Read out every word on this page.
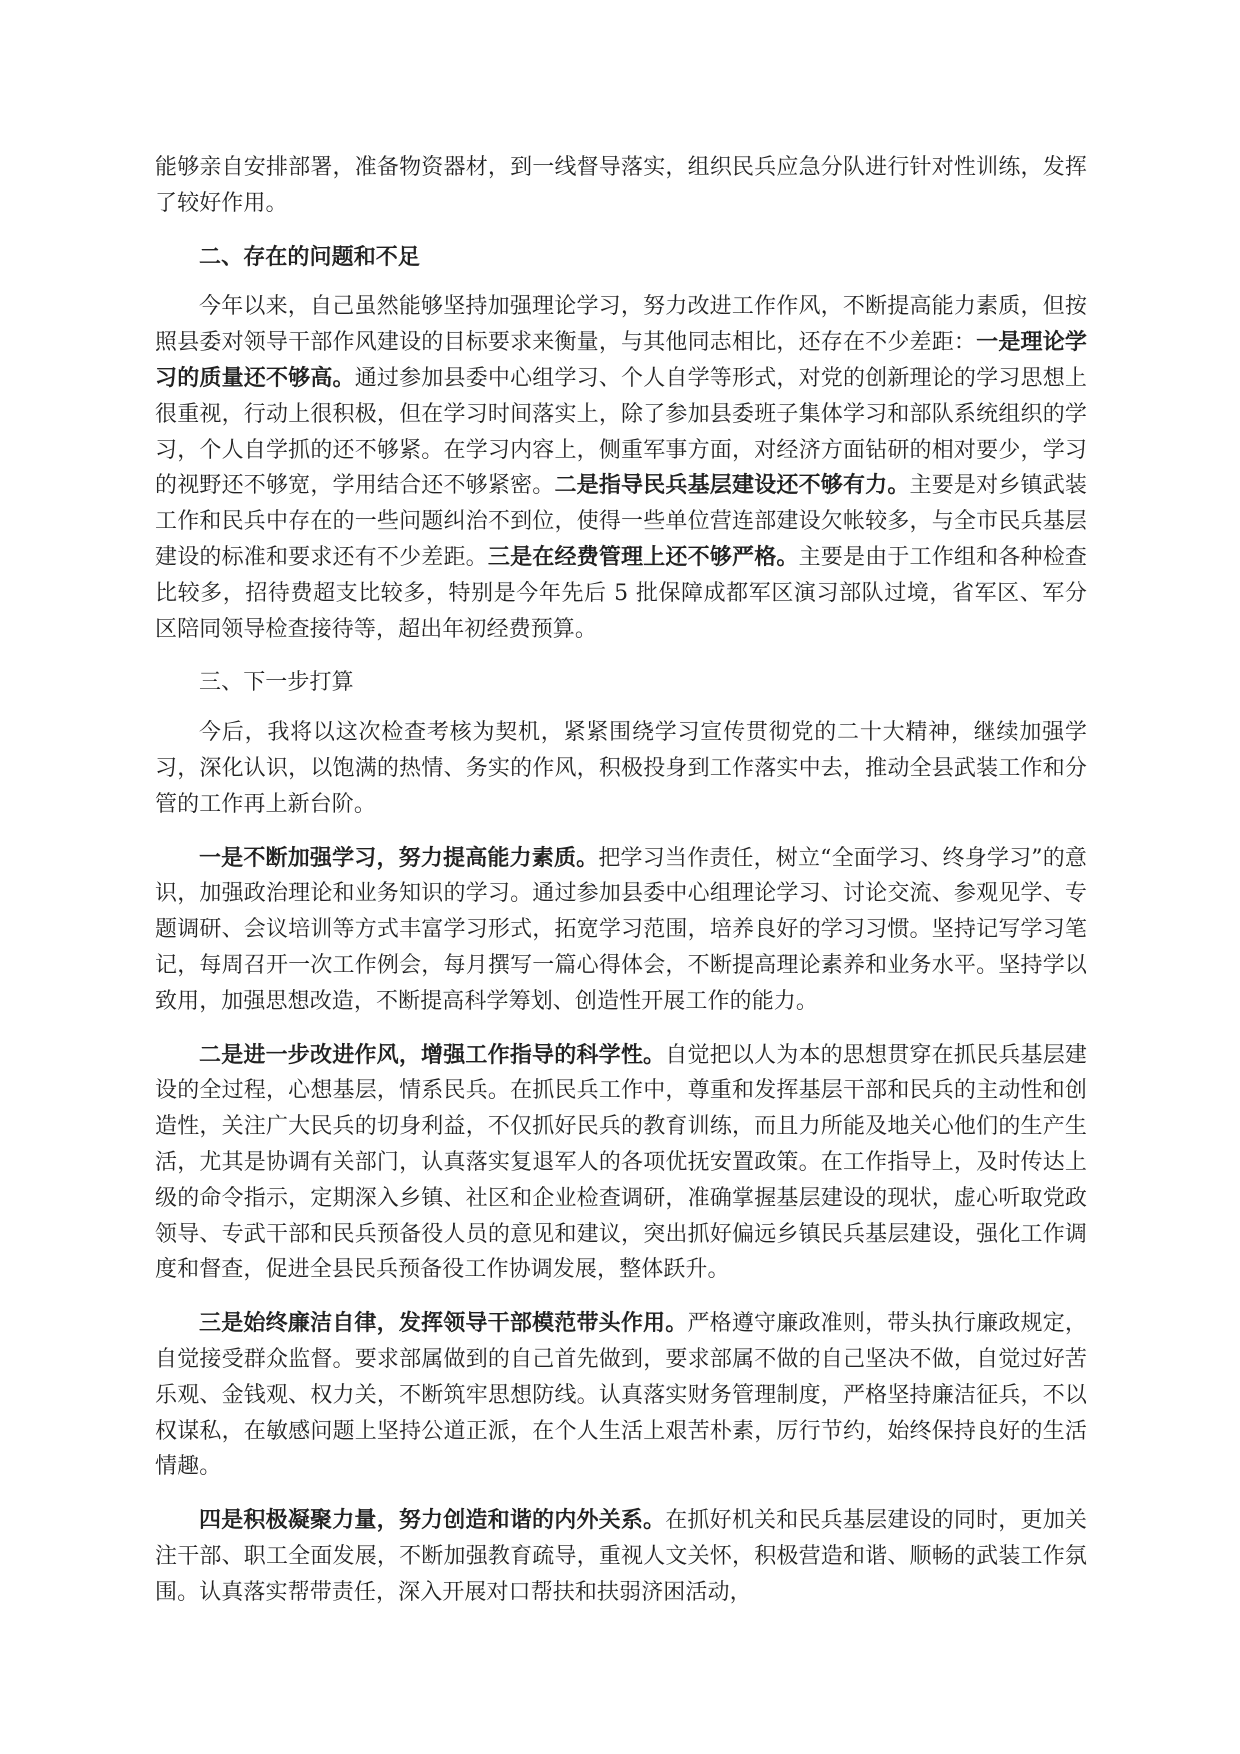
能够亲自安排部署，准备物资器材，到一线督导落实，组织民兵应急分队进行针对性训练，发挥了较好作用。

二、存在的问题和不足

今年以来，自己虽然能够坚持加强理论学习，努力改进工作作风，不断提高能力素质，但按照县委对领导干部作风建设的目标要求来衡量，与其他同志相比，还存在不少差距：一是理论学习的质量还不够高。通过参加县委中心组学习、个人自学等形式，对党的创新理论的学习思想上很重视，行动上很积极，但在学习时间落实上，除了参加县委班子集体学习和部队系统组织的学习，个人自学抓的还不够紧。在学习内容上，侧重军事方面，对经济方面钻研的相对要少，学习的视野还不够宽，学用结合还不够紧密。二是指导民兵基层建设还不够有力。主要是对乡镇武装工作和民兵中存在的一些问题纠治不到位，使得一些单位营连部建设欠帐较多，与全市民兵基层建设的标准和要求还有不少差距。三是在经费管理上还不够严格。主要是由于工作组和各种检查比较多，招待费超支比较多，特别是今年先后 5 批保障成都军区演习部队过境，省军区、军分区陪同领导检查接待等，超出年初经费预算。

三、下一步打算

今后，我将以这次检查考核为契机，紧紧围绕学习宣传贯彻党的二十大精神，继续加强学习，深化认识，以饱满的热情、务实的作风，积极投身到工作落实中去，推动全县武装工作和分管的工作再上新台阶。

一是不断加强学习，努力提高能力素质。把学习当作责任，树立“全面学习、终身学习”的意识，加强政治理论和业务知识的学习。通过参加县委中心组理论学习、讨论交流、参观见学、专题调研、会议培训等方式丰富学习形式，拓宽学习范围，培养良好的学习习惯。坚持记写学习笔记，每周召开一次工作例会，每月撰写一篇心得体会，不断提高理论素养和业务水平。坚持学以致用，加强思想改造，不断提高科学筹划、创造性开展工作的能力。

二是进一步改进作风，增强工作指导的科学性。自觉把以人为本的思想贯穿在抓民兵基层建设的全过程，心想基层，情系民兵。在抓民兵工作中，尊重和发挥基层干部和民兵的主动性和创造性，关注广大民兵的切身利益，不仅抓好民兵的教育训练，而且力所能及地关心他们的生产生活，尤其是协调有关部门，认真落实复退军人的各项优抚安置政策。在工作指导上，及时传达上级的命令指示，定期深入乡镇、社区和企业检查调研，准确掌握基层建设的现状，虚心听取党政领导、专武干部和民兵预备役人员的意见和建议，突出抓好偏远乡镇民兵基层建设，强化工作调度和督查，促进全县民兵预备役工作协调发展，整体跃升。

三是始终廉洁自律，发挥领导干部模范带头作用。严格遵守廉政准则，带头执行廉政规定，自觉接受群众监督。要求部属做到的自己首先做到，要求部属不做的自己坚决不做，自觉过好苦乐观、金钱观、权力关，不断筑牢思想防线。认真落实财务管理制度，严格坚持廉洁征兵，不以权谋私，在敏感问题上坚持公道正派，在个人生活上艰苦朴素，厉行节约，始终保持良好的生活情趣。

四是积极凝聚力量，努力创造和谐的内外关系。在抓好机关和民兵基层建设的同时，更加关注干部、职工全面发展，不断加强教育疏导，重视人文关怀，积极营造和谐、顺畅的武装工作氛围。认真落实帮带责任，深入开展对口帮扶和扶弱济困活动，
